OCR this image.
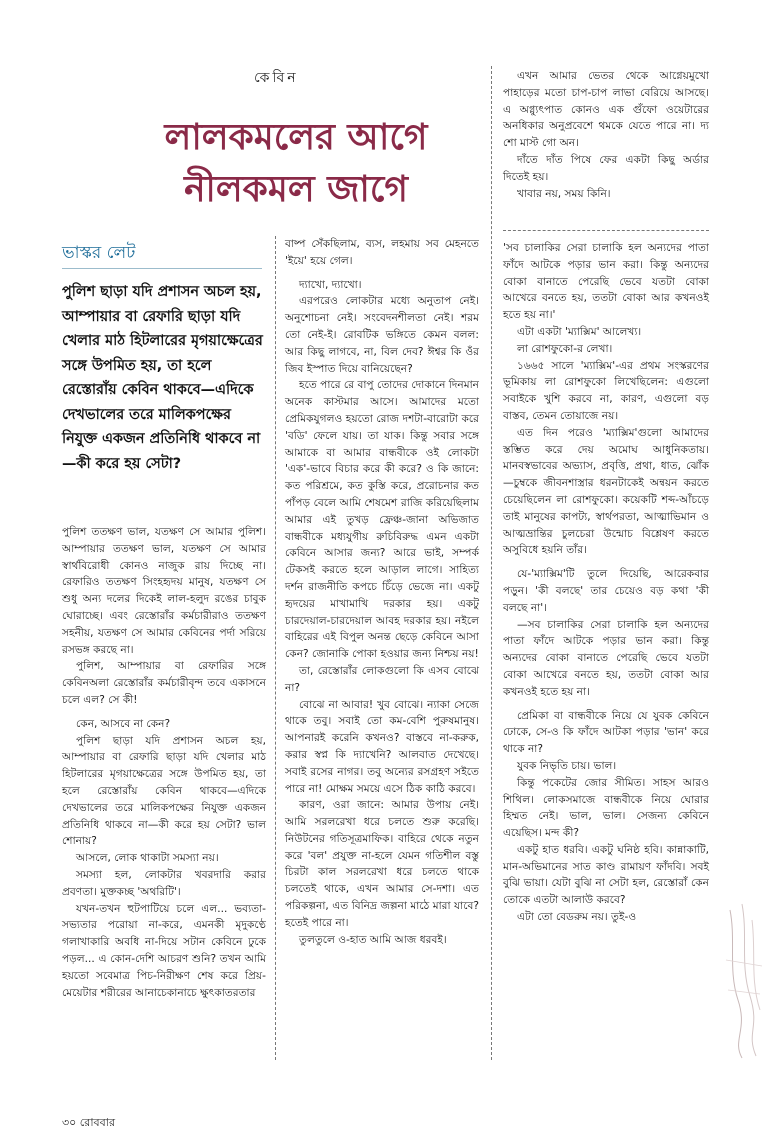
কেবিন
লালকমলের আগে
নীলকমল জাগে
ভাস্কর লেট

পুলিশ ছাড়া যদি প্রশাসন অচল হয়, আম্পায়ার বা রেফারি ছাড়া যদি খেলার মাঠ হিটলারের মৃগয়াক্ষেত্রের সঙ্গে উপমিত হয়, তা হলে রেস্তোরাঁয় কেবিন থাকবে—এদিকে দেখভালের তরে মালিকপক্ষের নিযুক্ত একজন প্রতিনিধি থাকবে না—কী করে হয় সেটা?

পুলিশ ততক্ষণ ভাল, যতক্ষণ সে আমার পুলিশ। আম্পায়ার ততক্ষণ ভাল, যতক্ষণ সে আমার স্বার্থবিরোধী কোনও নাজুক রায় দিচ্ছে না। রেফারিও ততক্ষণ সিংহহৃদয় মানুষ, যতক্ষণ সে শুধু অন্য দলের দিকেই লাল-হলুদ রঙের চাবুক ঘোরাচ্ছে। এবং রেস্তোরাঁর কর্মচারীরাও ততক্ষণ সহনীয়, যতক্ষণ সে আমার কেবিনের পর্দা সরিয়ে রসভঙ্গ করছে না।

পুলিশ, আম্পায়ার বা রেফারির সঙ্গে কেবিনঅলা রেস্তোরাঁর কর্মচারীবৃন্দ তবে একাসনে চলে এল? সে কী!

কেন, আসবে না কেন?

পুলিশ ছাড়া যদি প্রশাসন অচল হয়, আম্পায়ার বা রেফারি ছাড়া যদি খেলার মাঠ হিটলারের মৃগয়াক্ষেত্রের সঙ্গে উপমিত হয়, তা হলে রেস্তোরাঁয় কেবিন থাকবে—এদিকে দেখভালের তরে মালিকপক্ষের নিযুক্ত একজন প্রতিনিধি থাকবে না—কী করে হয় সেটা? ভাল শোনায়?

আসলে, লোক থাকাটা সমস্যা নয়।

সমস্যা হল, লোকটার খবরদারি করার প্রবণতা। মুক্তকচ্ছ 'অথরিটি'।

যখন-তখন হুটপাটিয়ে চলে এল... ভব্যতা-সভ্যতার পরোয়া না-করে, এমনকী মৃদুকণ্ঠে গলাখাকারি অবধি না-দিয়ে সটান কেবিনে ঢুকে পড়ল... এ কোন-দেশি আচরণ শুনি? তখন আমি হয়তো সবেমাত্র পিচ-নিরীক্ষণ শেষ করে প্রিয়-মেয়েটার শরীরের আনাচেকানাচে ক্ষুৎকাতরতার

বাষ্প সেঁকছিলাম, ব্যস, লহমায় সব মেহনতে 'ইয়ে' হয়ে গেল।

দ্যাখো, দ্যাখো।

এরপরেও লোকটার মধ্যে অনুতাপ নেই। অনুশোচনা নেই। সংবেদনশীলতা নেই। শরম তো নেই-ই। রোবটিক ভঙ্গিতে কেমন বলল: আর কিছু লাগবে, না, বিল দেব? ঈশ্বর কি ওঁর জিব ইস্পাত দিয়ে বানিয়েছেন?

হতে পারে রে বাপু তোদের দোকানে দিনমান অনেক কাস্টমার আসে। আমাদের মতো প্রেমিকযুগলও হয়তো রোজ দশটা-বারোটা করে 'বডি' ফেলে যায়। তা যাক। কিন্তু সবার সঙ্গে আমাকে বা আমার বান্ধবীকে ওই লোকটা 'এক'-ভাবে বিচার করে কী করে? ও কি জানে: কত পরিশ্রমে, কত কুস্তি করে, প্ররোচনার কত পাঁপড় বেলে আমি শেষমেশ রাজি করিয়েছিলাম আমার এই তুখড় ফ্রেঞ্চ-জানা অভিজাত বান্ধবীকে মধ্যযুগীয় রুচিবিরুদ্ধ এমন একটা কেবিনে আসার জন্য? আরে ভাই, সম্পর্ক টেকসই করতে হলে আড়াল লাগে। সাহিত্য দর্শন রাজনীতি কপচে চিঁড়ে ভেজে না। একটু হৃদয়ের মাখামাখি দরকার হয়। একটু চারদেয়াল-চারদেয়াল আবহ দরকার হয়। নইলে বাহিরের এই বিপুল অনন্ত ছেড়ে কেবিনে আসা কেন? জোনাকি পোকা হওয়ার জন্য নিশ্চয় নয়!

তা, রেস্তোরাঁর লোকগুলো কি এসব বোঝে না?

বোঝে না আবার! খুব বোঝে। ন্যাকা সেজে থাকে তবু। সবাই তো কম-বেশি পুরুষমানুষ। আপনারই করেনি কখনও? বাস্তবে না-করুক, করার স্বপ্ন কি দ্যাখেনি? আলবাত দেখেছে। সবাই রসের নাগর। তবু অন্যের রসগ্রহণ সইতে পারে না! মোক্ষম সময়ে এসে ঠিক কাঠি করবে।

কারণ, ওরা জানে: আমার উপায় নেই। আমি সরলরেখা ধরে চলতে শুরু করেছি। নিউটনের গতিসূত্রমাফিক। বাহিরে থেকে নতুন করে 'বল' প্রযুক্ত না-হলে যেমন গতিশীল বস্তু চিরটা কাল সরলরেখা ধরে চলতে থাকে চলতেই থাকে, এখন আমার সে-দশা। এত পরিকল্পনা, এত বিনিদ্র জল্পনা মাঠে মারা যাবে? হতেই পারে না।

তুলতুলে ও-হাত আমি আজ ধরবই।

এখন আমার ভেতর থেকে আগ্নেয়মুখো পাহাড়ের মতো চাপ-চাপ লাভা বেরিয়ে আসছে। এ অগ্ন্যুৎপাত কোনও এক গুঁফো ওয়েটারের অনধিকার অনুপ্রবেশে থমকে যেতে পারে না। দ্য শো মাস্ট গো অন।

দাঁতে দাঁত পিষে ফের একটা কিছু অর্ডার দিতেই হয়।

খাবার নয়, সময় কিনি।

'সব চালাকির সেরা চালাকি হল অন্যদের পাতা ফাঁদে আটকে পড়ার ভান করা। কিন্তু অন্যদের বোকা বানাতে পেরেছি ভেবে যতটা বোকা আখেরে বনতে হয়, ততটা বোকা আর কখনওই হতে হয় না।'

এটা একটা 'ম্যাক্সিম' আলেখ্য।

লা রোশফুকো-র লেখা।

১৬৬৫ সালে 'ম্যাক্সিম'-এর প্রথম সংস্করণের ভূমিকায় লা রোশফুকো লিখেছিলেন: এগুলো সবাইকে খুশি করবে না, কারণ, এগুলো বড় বাস্তব, তেমন তোয়াজে নয়।

এত দিন পরেও 'ম্যাক্সিম'গুলো আমাদের স্তম্ভিত করে দেয় অমোঘ আধুনিকতায়। মানবস্বভাবের অভ্যাস, প্রবৃত্তি, প্রথা, ধাত, ঝোঁক—চুম্বকে জীবনশাস্ত্রার ধরনটাকেই অন্বয়ন করতে চেয়েছিলেন লা রোশফুকো। কয়েকটি শব্দ-আঁচড়ে তাই মানুষের কাপট্য, স্বার্থপরতা, আত্মাভিমান ও আত্মভ্রান্তির চুলচেরা উন্মোচ বিশ্লেষণ করতে অসুবিধে হয়নি তাঁর।

যে-'ম্যাক্সিম'টি তুলে দিয়েছি, আরেকবার পড়ুন। 'কী বলছে' তার চেয়েও বড় কথা 'কী বলছে না'।

—সব চালাকির সেরা চালাকি হল অন্যদের পাতা ফাঁদে আটকে পড়ার ভান করা। কিন্তু অন্যদের বোকা বানাতে পেরেছি ভেবে যতটা বোকা আখেরে বনতে হয়, ততটা বোকা আর কখনওই হতে হয় না।

প্রেমিকা বা বান্ধবীকে নিয়ে যে যুবক কেবিনে ঢোকে, সে-ও কি ফাঁদে আটকা পড়ার 'ভান' করে থাকে না?

যুবক নিভৃতি চায়। ভাল।

কিন্তু পকেটের জোর সীমিত। সাহস আরও শিথিল। লোকসমাজে বান্ধবীকে নিয়ে ঘোরার হিম্মত নেই। ভাল, ভাল। সেজন্য কেবিনে এয়েছিস। মন্দ কী?

একটু হাত ধরবি। একটু ঘনিষ্ঠ হবি। কান্নাকাটি, মান-অভিমানের সাত কাণ্ড রামায়ণ ফাঁদবি। সবই বুঝি ভায়া। যেটা বুঝি না সেটা হল, রেস্তোরাঁ কেন তোকে এতটা আলাউ করবে?

এটা তো বেডরুম নয়। তুই-ও

৩০ রোববার
